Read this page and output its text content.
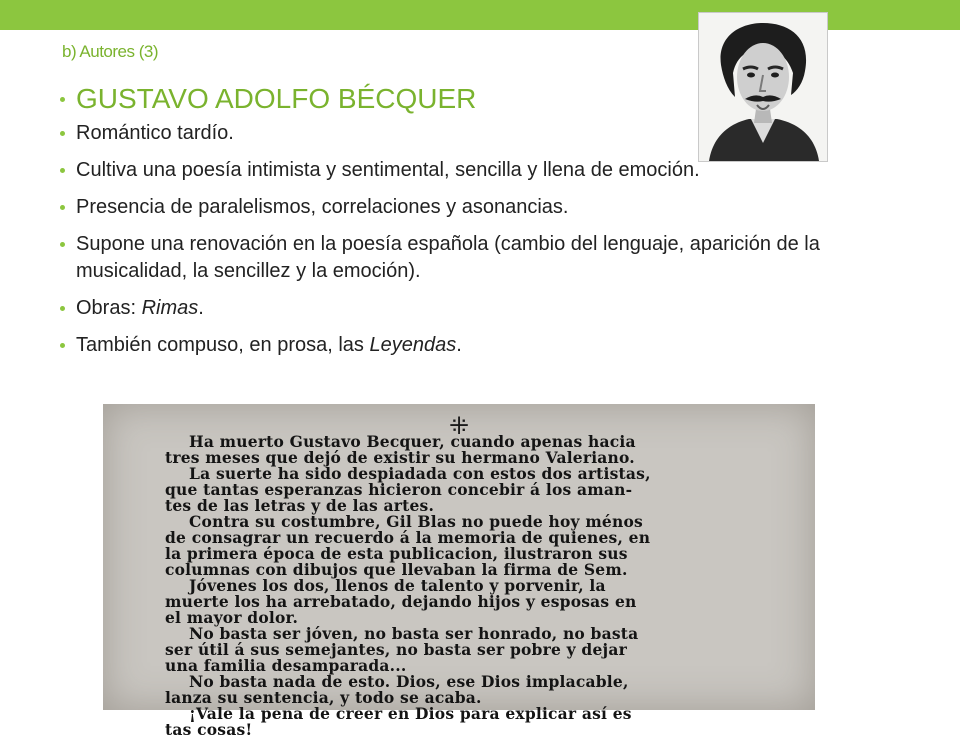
b) Autores (3)
GUSTAVO ADOLFO BÉCQUER
Romántico tardío.
Cultiva una poesía intimista y sentimental, sencilla y llena de emoción.
Presencia de paralelismos, correlaciones y asonancias.
Supone una renovación en la poesía española (cambio del lenguaje, aparición de la musicalidad, la sencillez y la emoción).
Obras: Rimas.
También compuso, en prosa, las Leyendas.
⁜
Ha muerto Gustavo Becquer, cuando apenas hacia
tres meses que dejó de existir su hermano Valeriano.
La suerte ha sido despiadada con estos dos artistas,
que tantas esperanzas hicieron concebir á los aman-
tes de las letras y de las artes.
Contra su costumbre, Gil Blas no puede hoy ménos
de consagrar un recuerdo á la memoria de quienes, en
la primera época de esta publicacion, ilustraron sus
columnas con dibujos que llevaban la firma de Sem.
Jóvenes los dos, llenos de talento y porvenir, la
muerte los ha arrebatado, dejando hijos y esposas en
el mayor dolor.
No basta ser jóven, no basta ser honrado, no basta
ser útil á sus semejantes, no basta ser pobre y dejar
una familia desamparada...
No basta nada de esto. Dios, ese Dios implacable,
lanza su sentencia, y todo se acaba.
¡Vale la pena de creer en Dios para explicar así es
tas cosas!
